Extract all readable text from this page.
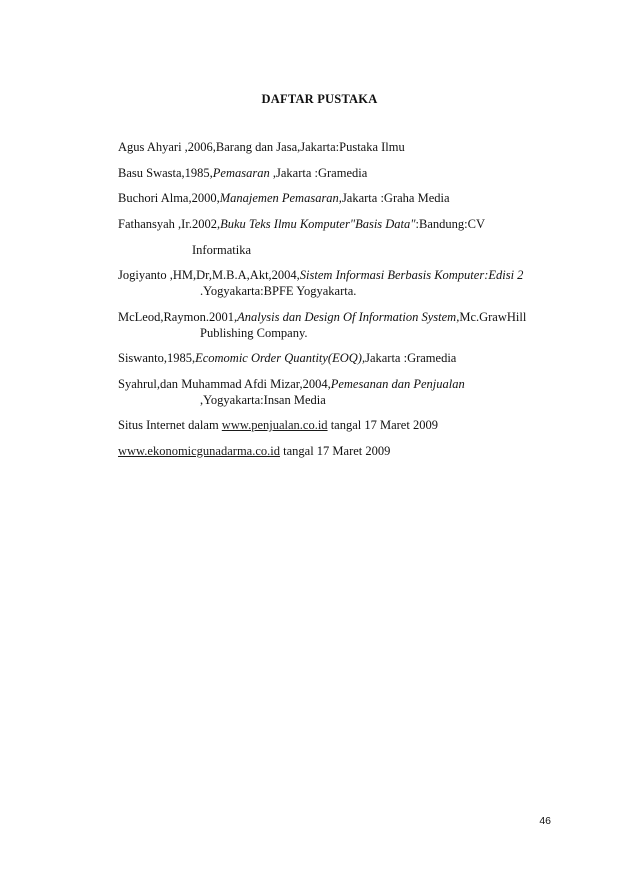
DAFTAR PUSTAKA
Agus Ahyari ,2006,Barang dan Jasa,Jakarta:Pustaka Ilmu
Basu Swasta,1985,Pemasaran ,Jakarta :Gramedia
Buchori Alma,2000,Manajemen Pemasaran,Jakarta :Graha Media
Fathansyah ,Ir.2002,Buku Teks Ilmu Komputer"Basis Data":Bandung:CV
Informatika
Jogiyanto ,HM,Dr,M.B.A,Akt,2004,Sistem Informasi Berbasis Komputer:Edisi 2
.Yogyakarta:BPFE Yogyakarta.
McLeod,Raymon.2001,Analysis dan Design Of Information System,Mc.GrawHill
Publishing Company.
Siswanto,1985,Ecomomic Order Quantity(EOQ),Jakarta :Gramedia
Syahrul,dan Muhammad Afdi Mizar,2004,Pemesanan dan Penjualan
,Yogyakarta:Insan Media
Situs Internet dalam www.penjualan.co.id tangal 17 Maret 2009
www.ekonomicgunadarma.co.id tangal 17 Maret 2009
46
